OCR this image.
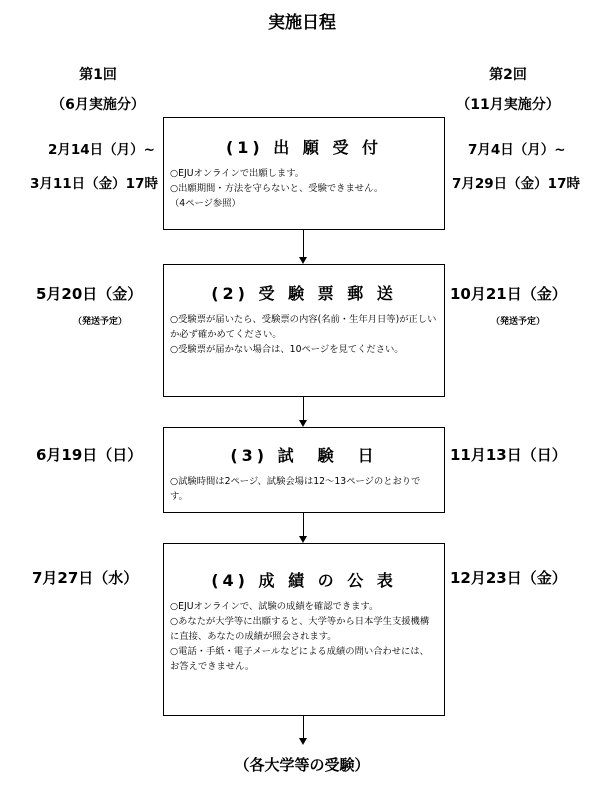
実施日程
第1回
（6月実施分）
第2回
（11月実施分）
2月14日（月）~
3月11日（金）17時
7月4日（月）~
7月29日（金）17時
(1) 出 願 受 付
○EJUオンラインで出願します。
○出願期間・方法を守らないと、受験できません。
（4ページ参照）
5月20日（金）
（発送予定）
10月21日（金）
（発送予定）
(2) 受 験 票 郵 送
○受験票が届いたら、受験票の内容(名前・生年月日等)が正しいか必ず確かめてください。
○受験票が届かない場合は、10ページを見てください。
6月19日（日）	11月13日（日）
(3) 試　験　日
○試験時間は2ページ、試験会場は12～13ページのとおりです。
7月27日（水）	12月23日（金）
(4) 成 績 の 公 表
○EJUオンラインで、試験の成績を確認できます。
○あなたが大学等に出願すると、大学等から日本学生支援機構に直接、あなたの成績が照会されます。
○電話・手紙・電子メールなどによる成績の問い合わせには、お答えできません。
（各大学等の受験）
